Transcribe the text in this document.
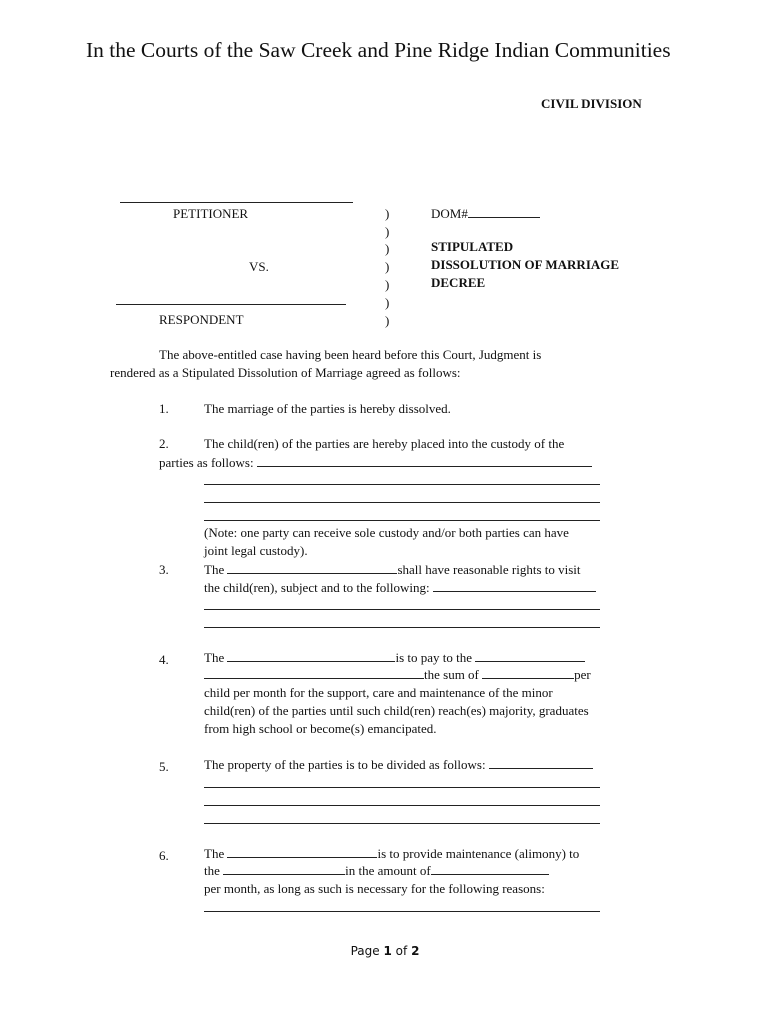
In the Courts of the Saw Creek and Pine Ridge Indian Communities
CIVIL DIVISION
PETITIONER
VS.
RESPONDENT
)
)
)
)
)
)
)
DOM#
STIPULATED
DISSOLUTION OF MARRIAGE
DECREE
The above-entitled case having been heard before this Court, Judgment is
rendered as a Stipulated Dissolution of Marriage agreed as follows:
1.	The marriage of the parties is hereby dissolved.
2.	The child(ren) of the parties are hereby placed into the custody of the
parties as follows:
(Note: one party can receive sole custody and/or both parties can have
joint legal custody).
3.	The	shall have reasonable rights to visit
the child(ren), subject and to the following:
4.	The	is to pay to the
the sum of	per
child per month for the support, care and maintenance of the minor
child(ren) of the parties until such child(ren) reach(es) majority, graduates
from high school or become(s) emancipated.
5.	The property of the parties is to be divided as follows:
6.	The	is to provide maintenance (alimony) to
the	in the amount of
per month, as long as such is necessary for the following reasons:
Page 1 of 2
